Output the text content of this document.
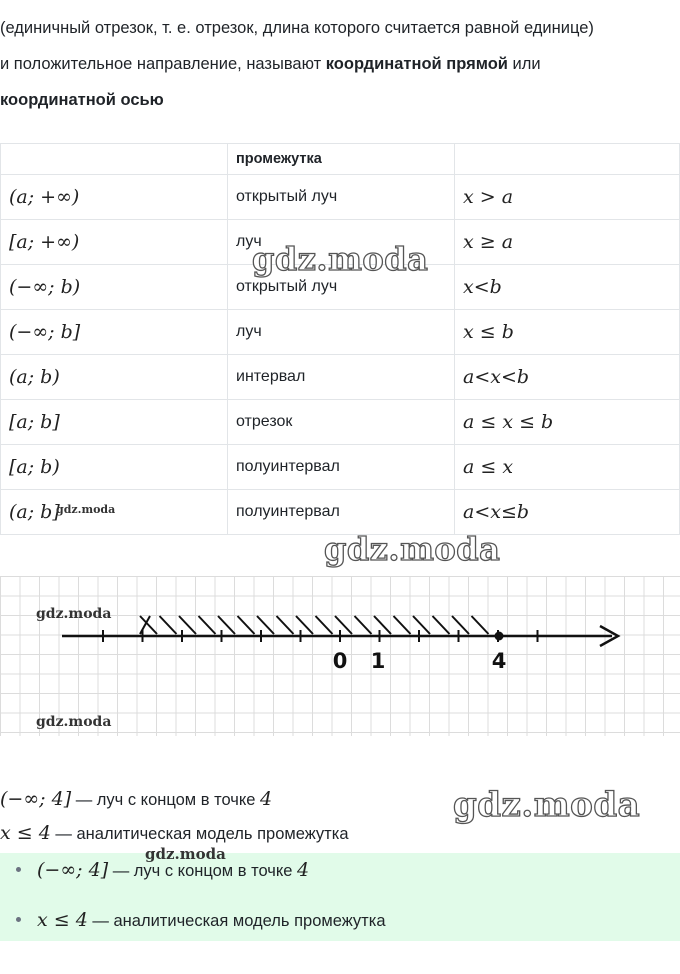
(единичный отрезок, т. е. отрезок, длина которого считается равной единице)

и положительное направление, называют координатной прямой или

координатной осью

	промежутка	
(a; +∞)	открытый луч	x > a
[a; +∞)	луч	x ≥ a
(−∞; b)	открытый луч	x<b
(−∞; b]	луч	x ≤ b
(a; b)	интервал	a<x<b
[a; b]	отрезок	a ≤ x ≤ b
[a; b)	полуинтервал	a ≤ x
(a; b]	полуинтервал	a<x≤b
gdz.moda
gdz.moda
gdz.moda
0 1	4
gdz.moda
gdz.moda
(−∞; 4] — луч с концом в точке 4
x ≤ 4 — аналитическая модель промежутка
gdz.moda
(−∞; 4] — луч с концом в точке 4
x ≤ 4 — аналитическая модель промежутка
gdz.moda
